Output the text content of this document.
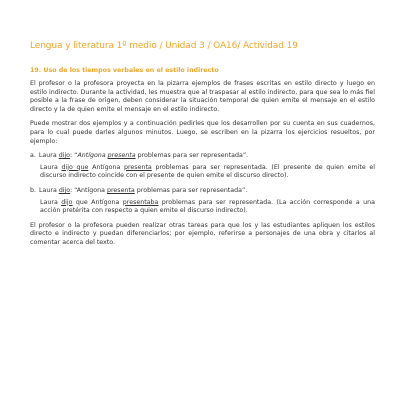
Lengua y literatura 1º medio / Unidad 3 / OA16/ Actividad 19
19. Uso de los tiempos verbales en el estilo indirecto

El profesor o la profesora proyecta en la pizarra ejemplos de frases escritas en estilo directo y luego en estilo indirecto. Durante la actividad, les muestra que al traspasar al estilo indirecto, para que sea lo más fiel posible a la frase de origen, deben considerar la situación temporal de quien emite el mensaje en el estilo directo y la de quien emite el mensaje en el estilo indirecto.

Puede mostrar dos ejemplos y a continuación pedirles que los desarrollen por su cuenta en sus cuadernos, para lo cual puede darles algunos minutos. Luego, se escriben en la pizarra los ejercicios resueltos, por ejemplo:

a. Laura dijo: “Antígona presenta problemas para ser representada”.
Laura dijo que Antígona presenta problemas para ser representada. (El presente de quien emite el discurso indirecto coincide con el presente de quien emite el discurso directo).
b. Laura dijo: “Antígona presenta problemas para ser representada”.
Laura dijo que Antígona presentaba problemas para ser representada. (La acción corresponde a una acción pretérita con respecto a quien emite el discurso indirecto).

El profesor o la profesora pueden realizar otras tareas para que los y las estudiantes apliquen los estilos directo e indirecto y puedan diferenciarlos; por ejemplo, referirse a personajes de una obra y citarlos al comentar acerca del texto.
